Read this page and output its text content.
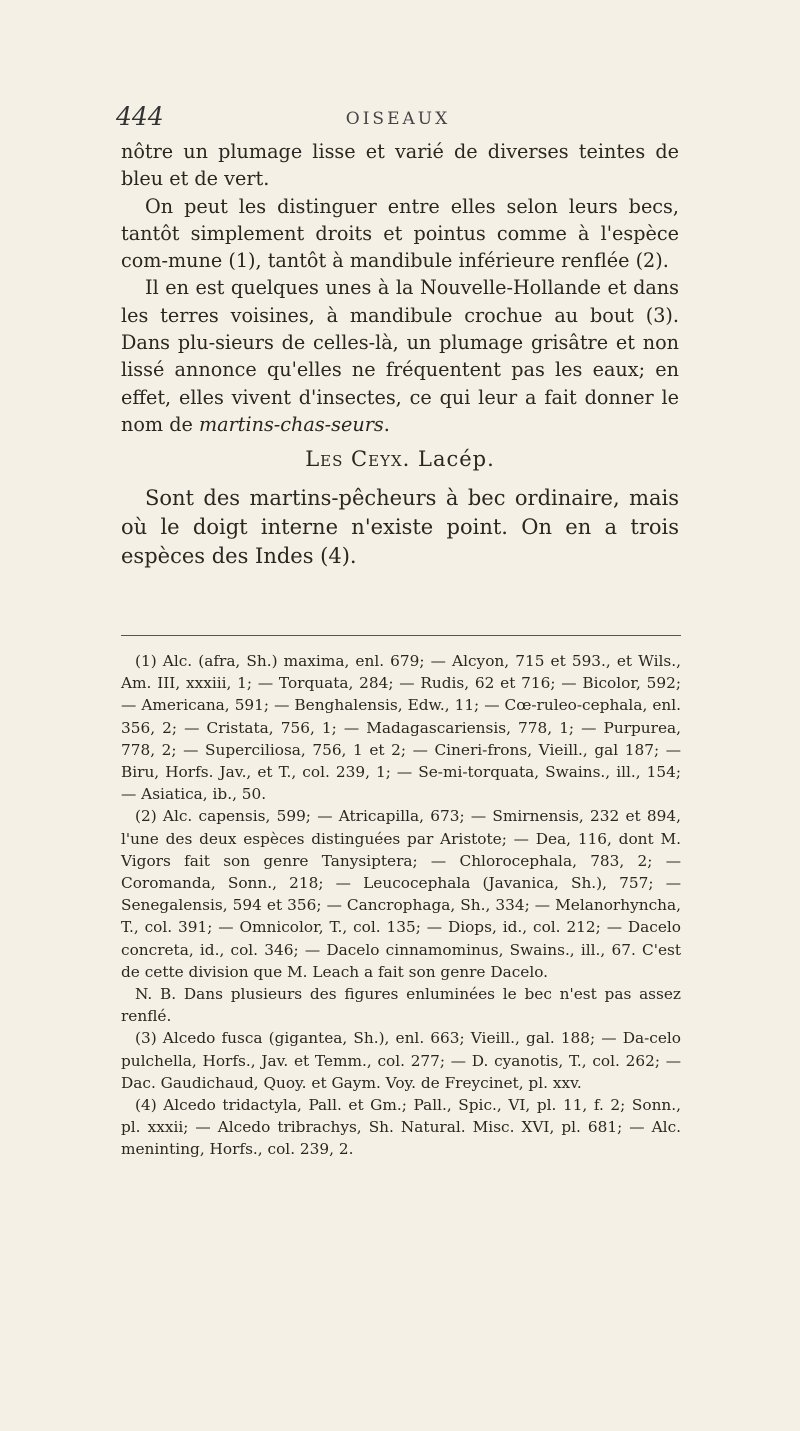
444	OISEAUX

nôtre un plumage lisse et varié de diverses teintes de bleu et de vert.

On peut les distinguer entre elles selon leurs becs, tantôt simplement droits et pointus comme à l'espèce com-mune (1), tantôt à mandibule inférieure renflée (2).

Il en est quelques unes à la Nouvelle-Hollande et dans les terres voisines, à mandibule crochue au bout (3). Dans plu-sieurs de celles-là, un plumage grisâtre et non lissé annonce qu'elles ne fréquentent pas les eaux; en effet, elles vivent d'insectes, ce qui leur a fait donner le nom de martins-chas-seurs.

Les Ceyx. Lacép.

Sont des martins-pêcheurs à bec ordinaire, mais où le doigt interne n'existe point. On en a trois espèces des Indes (4).

(1) Alc. (afra, Sh.) maxima, enl. 679; — Alcyon, 715 et 593., et Wils., Am. III, xxxiii, 1; — Torquata, 284; — Rudis, 62 et 716; — Bicolor, 592; — Americana, 591; — Benghalensis, Edw., 11; — Cœ-ruleo-cephala, enl. 356, 2; — Cristata, 756, 1; — Madagascariensis, 778, 1; — Purpurea, 778, 2; — Superciliosa, 756, 1 et 2; — Cineri-frons, Vieill., gal 187; — Biru, Horfs. Jav., et T., col. 239, 1; — Se-mi-torquata, Swains., ill., 154; — Asiatica, ib., 50.

(2) Alc. capensis, 599; — Atricapilla, 673; — Smirnensis, 232 et 894, l'une des deux espèces distinguées par Aristote; — Dea, 116, dont M. Vigors fait son genre Tanysiptera; — Chlorocephala, 783, 2; — Coromanda, Sonn., 218; — Leucocephala (Javanica, Sh.), 757; — Senegalensis, 594 et 356; — Cancrophaga, Sh., 334; — Melanorhyncha, T., col. 391; — Omnicolor, T., col. 135; — Diops, id., col. 212; — Dacelo concreta, id., col. 346; — Dacelo cinnamominus, Swains., ill., 67. C'est de cette division que M. Leach a fait son genre Dacelo.

N. B. Dans plusieurs des figures enluminées le bec n'est pas assez renflé.

(3) Alcedo fusca (gigantea, Sh.), enl. 663; Vieill., gal. 188; — Da-celo pulchella, Horfs., Jav. et Temm., col. 277; — D. cyanotis, T., col. 262; — Dac. Gaudichaud, Quoy. et Gaym. Voy. de Freycinet, pl. xxv.

(4) Alcedo tridactyla, Pall. et Gm.; Pall., Spic., VI, pl. 11, f. 2; Sonn., pl. xxxii; — Alcedo tribrachys, Sh. Natural. Misc. XVI, pl. 681; — Alc. meninting, Horfs., col. 239, 2.
